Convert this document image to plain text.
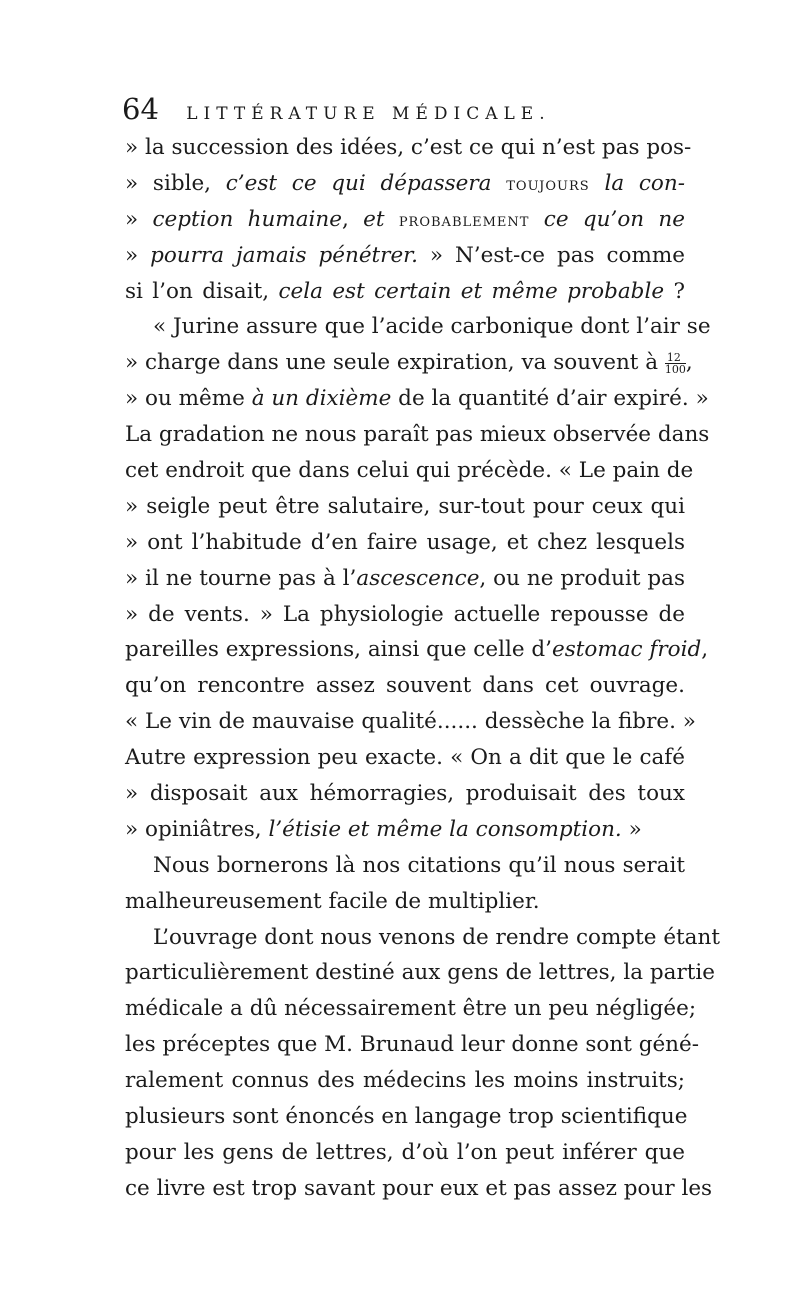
64 LITTÉRATURE MÉDICALE.
» la succession des idées, c’est ce qui n’est pas pos-
» sible, c’est ce qui dépassera toujours la con-
» ception humaine, et probablement ce qu’on ne
» pourra jamais pénétrer. » N’est-ce pas comme
si l’on disait, cela est certain et même probable ?
« Jurine assure que l’acide carbonique dont l’air se
» charge dans une seule expiration, va souvent à $\frac{12}{100}$ ,
» ou même à un dixième de la quantité d’air expiré. »
La gradation ne nous paraît pas mieux observée dans
cet endroit que dans celui qui précède. « Le pain de
» seigle peut être salutaire, sur-tout pour ceux qui
» ont l’habitude d’en faire usage, et chez lesquels
» il ne tourne pas à l’ascescence, ou ne produit pas
» de vents. » La physiologie actuelle repousse de
pareilles expressions, ainsi que celle d’estomac froid,
qu’on rencontre assez souvent dans cet ouvrage.
« Le vin de mauvaise qualité...... dessèche la fibre. »
Autre expression peu exacte. « On a dit que le café
» disposait aux hémorragies, produisait des toux
» opiniâtres, l’étisie et même la consomption. »
Nous bornerons là nos citations qu’il nous serait
malheureusement facile de multiplier.
L’ouvrage dont nous venons de rendre compte étant
particulièrement destiné aux gens de lettres, la partie
médicale a dû nécessairement être un peu négligée;
les préceptes que M. Brunaud leur donne sont géné-
ralement connus des médecins les moins instruits;
plusieurs sont énoncés en langage trop scientifique
pour les gens de lettres, d’où l’on peut inférer que
ce livre est trop savant pour eux et pas assez pour les
